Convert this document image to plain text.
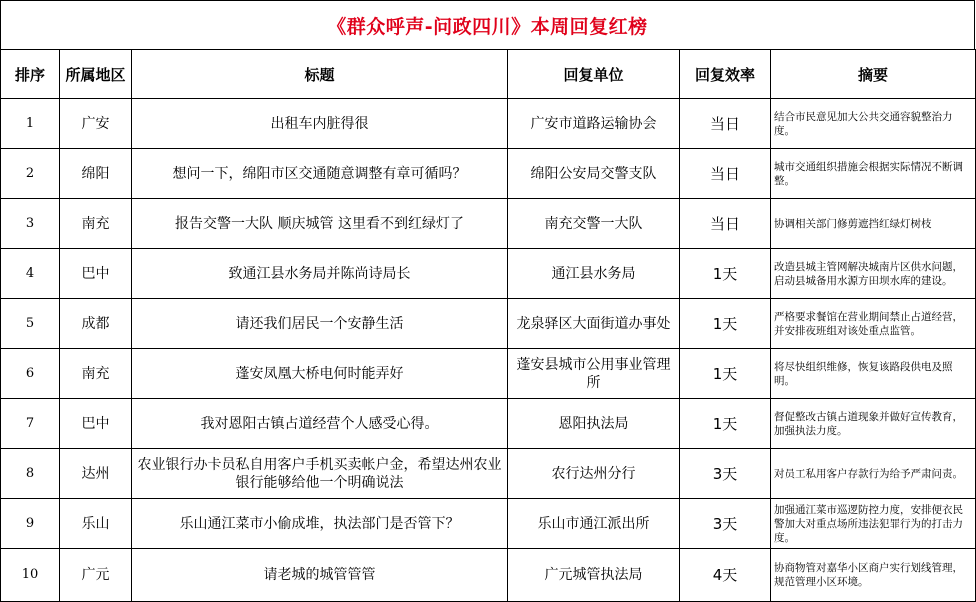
《群众呼声-问政四川》本周回复红榜
排序	所属地区	标题	回复单位	回复效率	摘要
1	广安	出租车内脏得很	广安市道路运输协会	当日	结合市民意见加大公共交通容貌整治力度。
2	绵阳	想问一下，绵阳市区交通随意调整有章可循吗？	绵阳公安局交警支队	当日	城市交通组织措施会根据实际情况不断调整。
3	南充	报告交警一大队 顺庆城管 这里看不到红绿灯了	南充交警一大队	当日	协调相关部门修剪遮挡红绿灯树枝
4	巴中	致通江县水务局并陈尚诗局长	通江县水务局	1天	改造县城主管网解决城南片区供水问题，启动县城备用水源方田坝水库的建设。
5	成都	请还我们居民一个安静生活	龙泉驿区大面街道办事处	1天	严格要求餐馆在营业期间禁止占道经营，并安排夜班组对该处重点监管。
6	南充	蓬安凤凰大桥电何时能弄好	蓬安县城市公用事业管理所	1天	将尽快组织维修，恢复该路段供电及照明。
7	巴中	我对恩阳古镇占道经营个人感受心得。	恩阳执法局	1天	督促整改古镇占道现象并做好宣传教育，加强执法力度。
8	达州	农业银行办卡员私自用客户手机买卖帐户金，希望达州农业银行能够给他一个明确说法	农行达州分行	3天	对员工私用客户存款行为给予严肃问责。
9	乐山	乐山通江菜市小偷成堆，执法部门是否管下？	乐山市通江派出所	3天	加强通江菜市巡逻防控力度，安排便衣民警加大对重点场所违法犯罪行为的打击力度。
10	广元	请老城的城管管管	广元城管执法局	4天	协商物管对嘉华小区商户实行划线管理，规范管理小区环境。
